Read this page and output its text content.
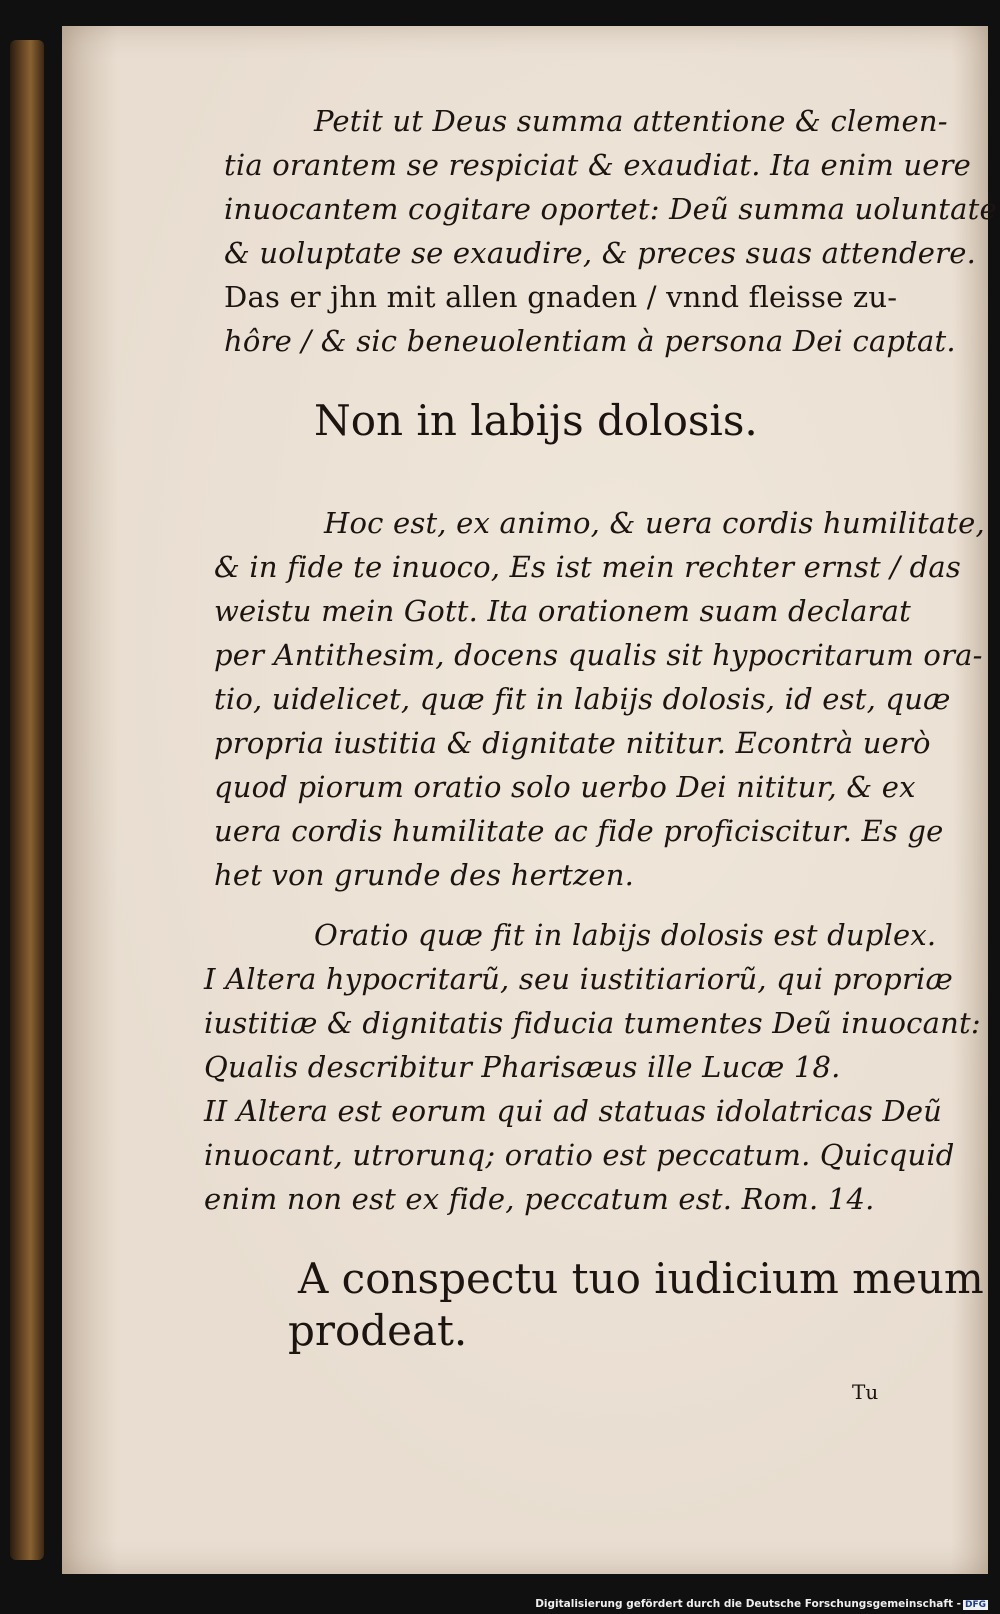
Petit ut Deus summa attentione & clemen-
tia orantem se respiciat & exaudiat. Ita enim uere
inuocantem cogitare oportet: Deũ summa uoluntate
& uoluptate se exaudire, & preces suas attendere.
Das er jhn mit allen gnaden / vnnd fleisse zu-
hôre / & sic beneuolentiam à persona Dei captat.
Non in labijs dolosis.
Hoc est, ex animo, & uera cordis humilitate,
& in fide te inuoco, Es ist mein rechter ernst / das
weistu mein Gott. Ita orationem suam declarat
per Antithesim, docens qualis sit hypocritarum ora-
tio, uidelicet, quæ fit in labijs dolosis, id est, quæ
propria iustitia & dignitate nititur. Econtrà uerò
quod piorum oratio solo uerbo Dei nititur, & ex
uera cordis humilitate ac fide proficiscitur. Es ge
het von grunde des hertzen.
Oratio quæ fit in labijs dolosis est duplex.
I Altera hypocritarũ, seu iustitiariorũ, qui propriæ
iustitiæ & dignitatis fiducia tumentes Deũ inuocant:
Qualis describitur Pharisæus ille Lucæ 18.
II Altera est eorum qui ad statuas idolatricas Deũ
inuocant, utrorunq; oratio est peccatum. Quicquid
enim non est ex fide, peccatum est. Rom. 14.
A conspectu tuo iudicium meum
prodeat.
Tu
Digitalisierung gefördert durch die Deutsche Forschungsgemeinschaft - DFG
